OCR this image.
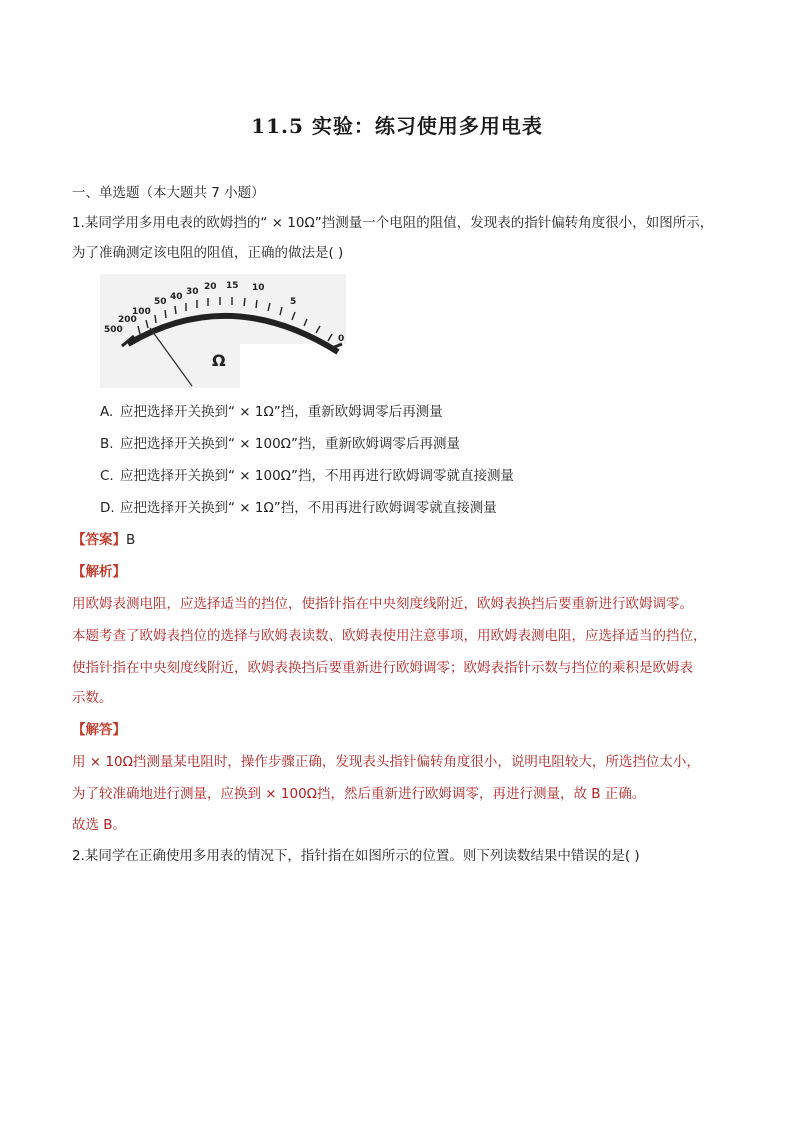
11.5 实验：练习使用多用电表
一、单选题（本大题共 7 小题）
1.某同学用多用电表的欧姆挡的“ × 10Ω”挡测量一个电阻的阻值，发现表的指针偏转角度很小，如图所示，
为了准确测定该电阻的阻值，正确的做法是( )
500
200
100
50 40 30 20 15 10
5
0
Ω
A. 应把选择开关换到“ × 1Ω”挡，重新欧姆调零后再测量
B. 应把选择开关换到“ × 100Ω”挡，重新欧姆调零后再测量
C. 应把选择开关换到“ × 100Ω”挡，不用再进行欧姆调零就直接测量
D. 应把选择开关换到“ × 1Ω”挡，不用再进行欧姆调零就直接测量
【答案】B
【解析】
用欧姆表测电阻，应选择适当的挡位，使指针指在中央刻度线附近，欧姆表换挡后要重新进行欧姆调零。
本题考查了欧姆表挡位的选择与欧姆表读数、欧姆表使用注意事项，用欧姆表测电阻，应选择适当的挡位，
使指针指在中央刻度线附近，欧姆表换挡后要重新进行欧姆调零；欧姆表指针示数与挡位的乘积是欧姆表
示数。
【解答】
用 × 10Ω挡测量某电阻时，操作步骤正确，发现表头指针偏转角度很小，说明电阻较大，所选挡位太小，
为了较准确地进行测量，应换到 × 100Ω挡，然后重新进行欧姆调零，再进行测量，故 B 正确。
故选 B。
2.某同学在正确使用多用表的情况下，指针指在如图所示的位置。则下列读数结果中错误的是( )
